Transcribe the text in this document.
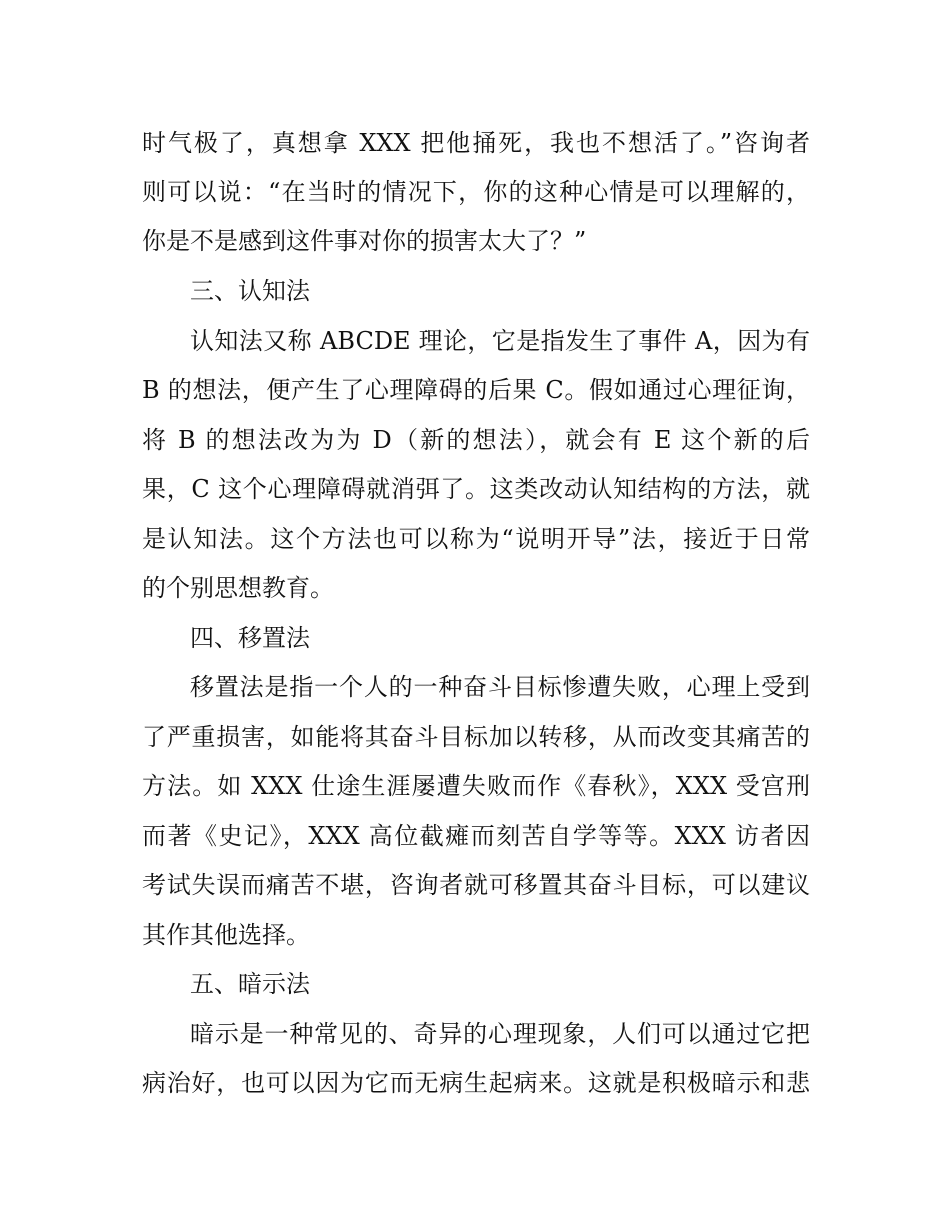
时气极了，真想拿 XXX 把他捅死，我也不想活了。”咨询者
则可以说：“在当时的情况下，你的这种心情是可以理解的，
你是不是感到这件事对你的损害太大了？”
三、认知法
认知法又称 ABCDE 理论，它是指发生了事件 A，因为有
B 的想法，便产生了心理障碍的后果 C。假如通过心理征询，
将 B 的想法改为为 D（新的想法），就会有 E 这个新的后
果，C 这个心理障碍就消弭了。这类改动认知结构的方法，就
是认知法。这个方法也可以称为“说明开导”法，接近于日常
的个别思想教育。
四、移置法
移置法是指一个人的一种奋斗目标惨遭失败，心理上受到
了严重损害，如能将其奋斗目标加以转移，从而改变其痛苦的
方法。如 XXX 仕途生涯屡遭失败而作《春秋》，XXX 受宫刑
而著《史记》，XXX 高位截瘫而刻苦自学等等。XXX 访者因
考试失误而痛苦不堪，咨询者就可移置其奋斗目标，可以建议
其作其他选择。
五、暗示法
暗示是一种常见的、奇异的心理现象，人们可以通过它把
病治好，也可以因为它而无病生起病来。这就是积极暗示和悲
